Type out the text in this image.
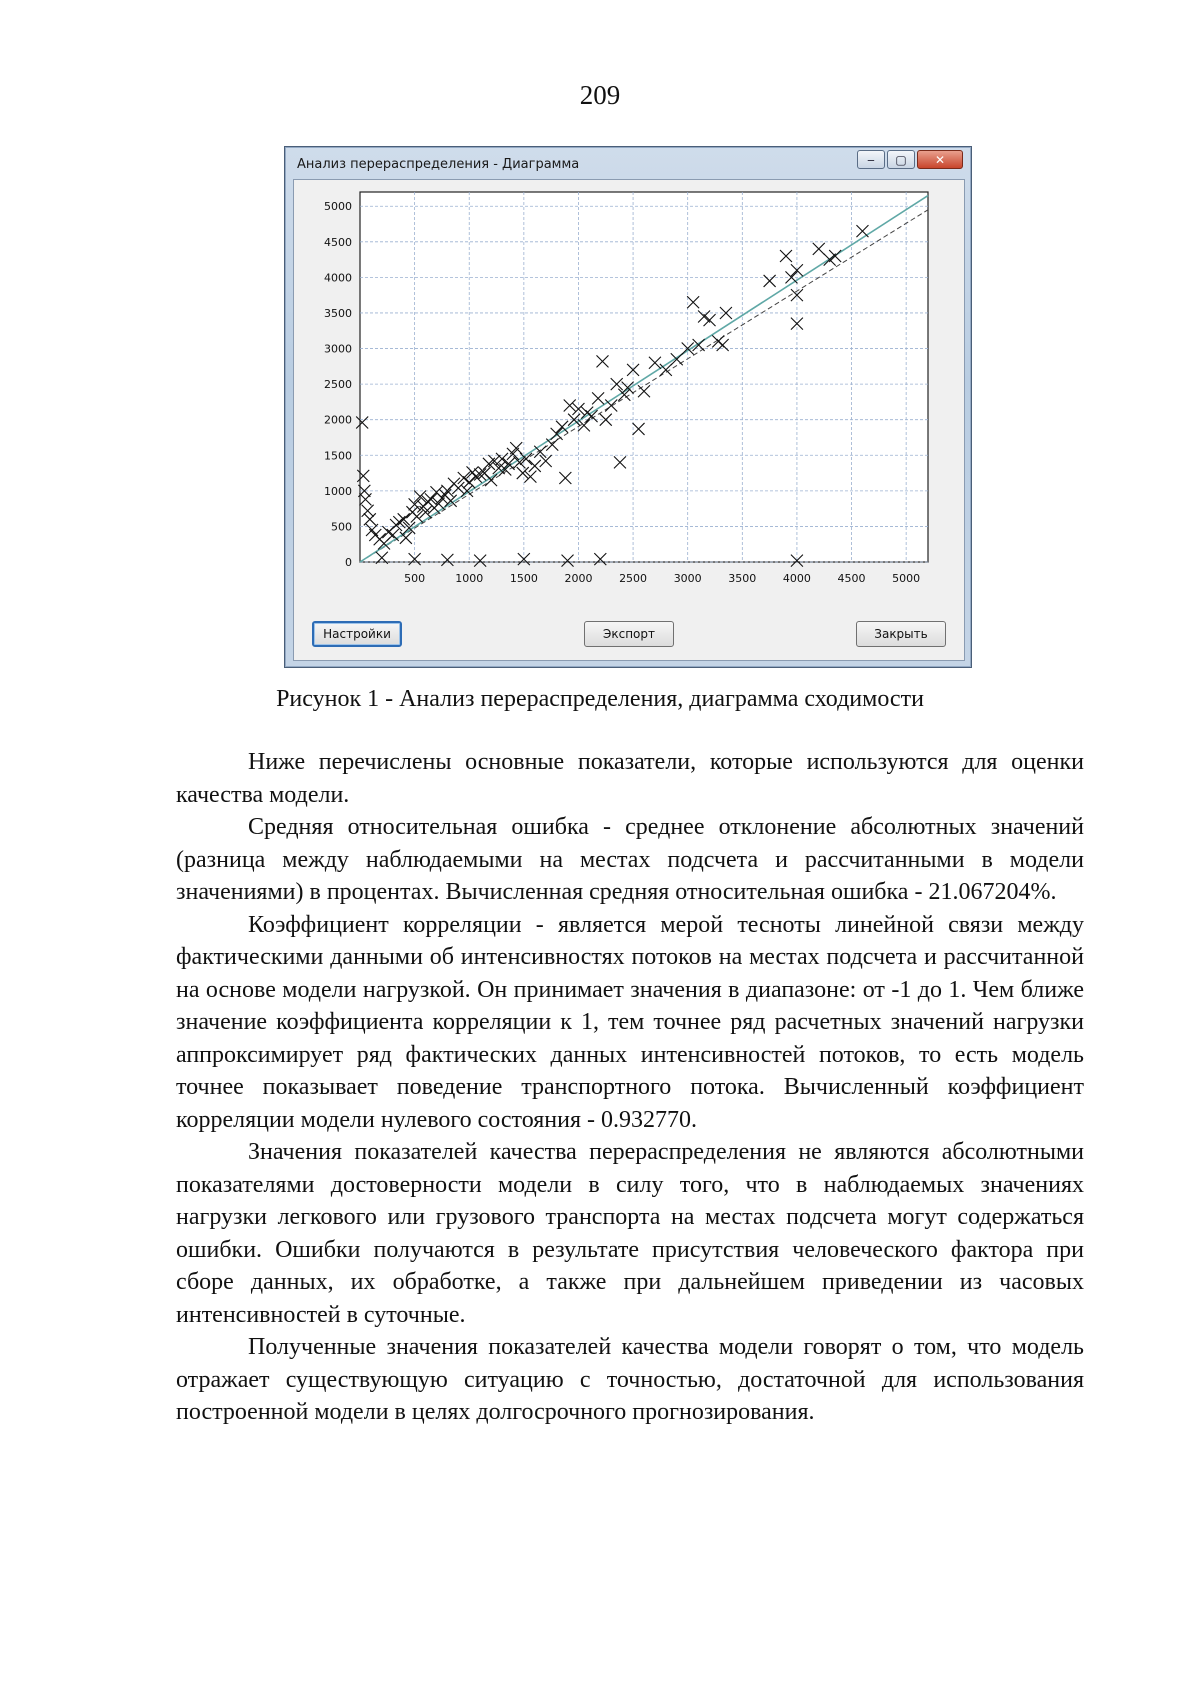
209
Анализ перераспределения - Диаграмма	‒	▢	✕
500	1000 1500 2000 2500 3000 3500 4000 4500 5000
0
500
1000
1500
2000
2500
3000
3500
4000
4500
5000
Настройки	Экспорт	Закрыть
Рисунок 1 - Анализ перераспределения, диаграмма сходимости

Ниже перечислены основные показатели, которые используются для оценки качества модели.

Средняя относительная ошибка - среднее отклонение абсолютных значений (разница между наблюдаемыми на местах подсчета и рассчитанными в модели значениями) в процентах. Вычисленная средняя относительная ошибка - 21.067204%.

Коэффициент корреляции - является мерой тесноты линейной связи между фактическими данными об интенсивностях потоков на местах подсчета и рассчитанной на основе модели нагрузкой. Он принимает значения в диапазоне: от -1 до 1. Чем ближе значение коэффициента корреляции к 1, тем точнее ряд расчетных значений нагрузки аппроксимирует ряд фактических данных интенсивностей потоков, то есть модель точнее показывает поведение транспортного потока. Вычисленный коэффициент корреляции модели нулевого состояния - 0.932770.

Значения показателей качества перераспределения не являются абсолютными показателями достоверности модели в силу того, что в наблюдаемых значениях нагрузки легкового или грузового транспорта на местах подсчета могут содержаться ошибки. Ошибки получаются в результате присутствия человеческого фактора при сборе данных, их обработке, а также при дальнейшем приведении из часовых интенсивностей в суточные.

Полученные значения показателей качества модели говорят о том, что модель отражает существующую ситуацию с точностью, достаточной для использования построенной модели в целях долгосрочного прогнозирования.
